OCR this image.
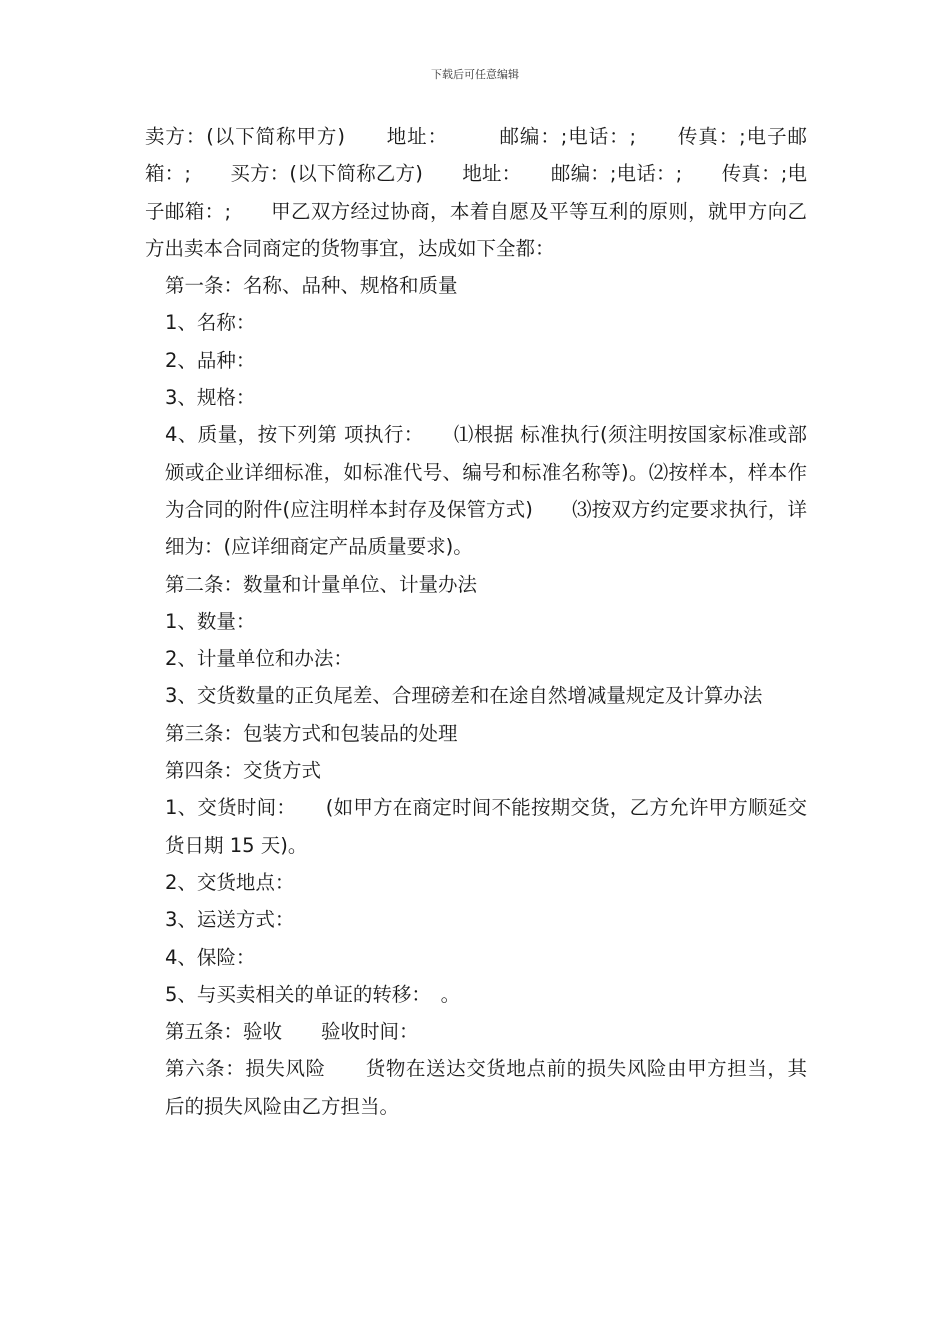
下载后可任意编辑

卖方：(以下简称甲方)　　地址：　　　邮编：;电话：;　　传真：;电子邮箱：;　　买方：(以下简称乙方)　　地址：　　邮编：;电话：;　　传真：;电子邮箱：;　　甲乙双方经过协商，本着自愿及平等互利的原则，就甲方向乙方出卖本合同商定的货物事宜，达成如下全都：

第一条：名称、品种、规格和质量

1、名称：

2、品种：

3、规格：

4、质量，按下列第 项执行：　　⑴根据 标准执行(须注明按国家标准或部颁或企业详细标准，如标准代号、编号和标准名称等)。⑵按样本，样本作为合同的附件(应注明样本封存及保管方式)　　⑶按双方约定要求执行，详细为：(应详细商定产品质量要求)。

第二条：数量和计量单位、计量办法

1、数量：

2、计量单位和办法：

3、交货数量的正负尾差、合理磅差和在途自然增减量规定及计算办法

第三条：包装方式和包装品的处理

第四条：交货方式

1、交货时间：　　(如甲方在商定时间不能按期交货，乙方允许甲方顺延交货日期 15 天)。

2、交货地点：

3、运送方式：

4、保险：

5、与买卖相关的单证的转移：　。

第五条：验收　　验收时间：

第六条：损失风险　　货物在送达交货地点前的损失风险由甲方担当，其后的损失风险由乙方担当。
